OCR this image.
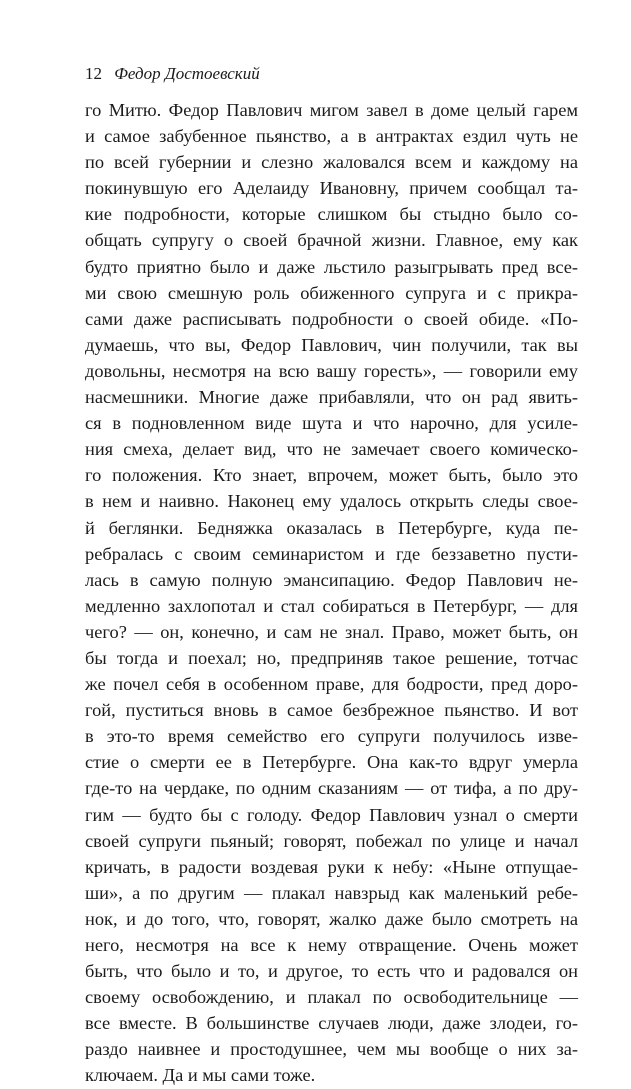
12 Федор Достоевский
го Митю. Федор Павлович мигом завел в доме целый гарем
и самое забубенное пьянство, а в антрактах ездил чуть не
по всей губернии и слезно жаловался всем и каждому на
покинувшую его Аделаиду Ивановну, причем сообщал та-
кие подробности, которые слишком бы стыдно было со-
общать супругу о своей брачной жизни. Главное, ему как
будто приятно было и даже льстило разыгрывать пред все-
ми свою смешную роль обиженного супруга и с прикра-
сами даже расписывать подробности о своей обиде. «По-
думаешь, что вы, Федор Павлович, чин получили, так вы
довольны, несмотря на всю вашу горесть», — говорили ему
насмешники. Многие даже прибавляли, что он рад явить-
ся в подновленном виде шута и что нарочно, для усиле-
ния смеха, делает вид, что не замечает своего комическо-
го положения. Кто знает, впрочем, может быть, было это
в нем и наивно. Наконец ему удалось открыть следы свое-
й беглянки. Бедняжка оказалась в Петербурге, куда пе-
ребралась с своим семинаристом и где беззаветно пусти-
лась в самую полную эмансипацию. Федор Павлович не-
медленно захлопотал и стал собираться в Петербург, — для
чего? — он, конечно, и сам не знал. Право, может быть, он
бы тогда и поехал; но, предприняв такое решение, тотчас
же почел себя в особенном праве, для бодрости, пред доро-
гой, пуститься вновь в самое безбрежное пьянство. И вот
в это-то время семейство его супруги получилось изве-
стие о смерти ее в Петербурге. Она как-то вдруг умерла
где-то на чердаке, по одним сказаниям — от тифа, а по дру-
гим — будто бы с голоду. Федор Павлович узнал о смерти
своей супруги пьяный; говорят, побежал по улице и начал
кричать, в радости воздевая руки к небу: «Ныне отпущае-
ши», а по другим — плакал навзрыд как маленький ребе-
нок, и до того, что, говорят, жалко даже было смотреть на
него, несмотря на все к нему отвращение. Очень может
быть, что было и то, и другое, то есть что и радовался он
своему освобождению, и плакал по освободительнице —
все вместе. В большинстве случаев люди, даже злодеи, го-
раздо наивнее и простодушнее, чем мы вообще о них за-
ключаем. Да и мы сами тоже.
